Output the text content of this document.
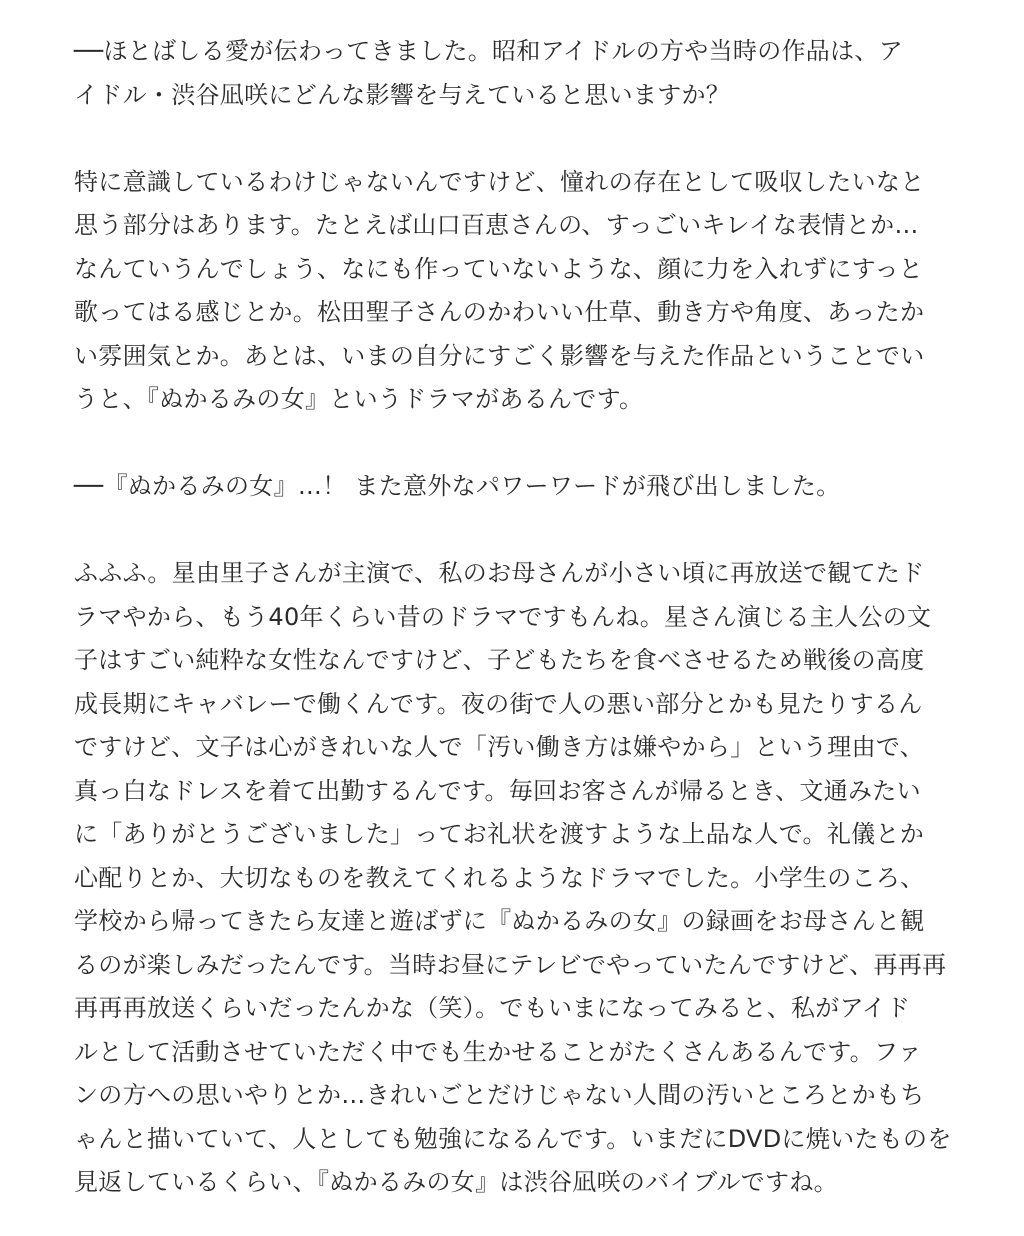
──ほとばしる愛が伝わってきました。昭和アイドルの方や当時の作品は、ア
イドル・渋谷凪咲にどんな影響を与えていると思いますか？

特に意識しているわけじゃないんですけど、憧れの存在として吸収したいなと
思う部分はあります。たとえば山口百恵さんの、すっごいキレイな表情とか…
なんていうんでしょう、なにも作っていないような、顔に力を入れずにすっと
歌ってはる感じとか。松田聖子さんのかわいい仕草、動き方や角度、あったか
い雰囲気とか。あとは、いまの自分にすごく影響を与えた作品ということでい
うと、『ぬかるみの女』というドラマがあるんです。

──『ぬかるみの女』…！ また意外なパワーワードが飛び出しました。

ふふふ。星由里子さんが主演で、私のお母さんが小さい頃に再放送で観てたド
ラマやから、もう40年くらい昔のドラマですもんね。星さん演じる主人公の文
子はすごい純粋な女性なんですけど、子どもたちを食べさせるため戦後の高度
成長期にキャバレーで働くんです。夜の街で人の悪い部分とかも見たりするん
ですけど、文子は心がきれいな人で「汚い働き方は嫌やから」という理由で、
真っ白なドレスを着て出勤するんです。毎回お客さんが帰るとき、文通みたい
に「ありがとうございました」ってお礼状を渡すような上品な人で。礼儀とか
心配りとか、大切なものを教えてくれるようなドラマでした。小学生のころ、
学校から帰ってきたら友達と遊ばずに『ぬかるみの女』の録画をお母さんと観
るのが楽しみだったんです。当時お昼にテレビでやっていたんですけど、再再再
再再再放送くらいだったんかな（笑）。でもいまになってみると、私がアイド
ルとして活動させていただく中でも生かせることがたくさんあるんです。ファ
ンの方への思いやりとか…きれいごとだけじゃない人間の汚いところとかもち
ゃんと描いていて、人としても勉強になるんです。いまだにDVDに焼いたものを
見返しているくらい、『ぬかるみの女』は渋谷凪咲のバイブルですね。
